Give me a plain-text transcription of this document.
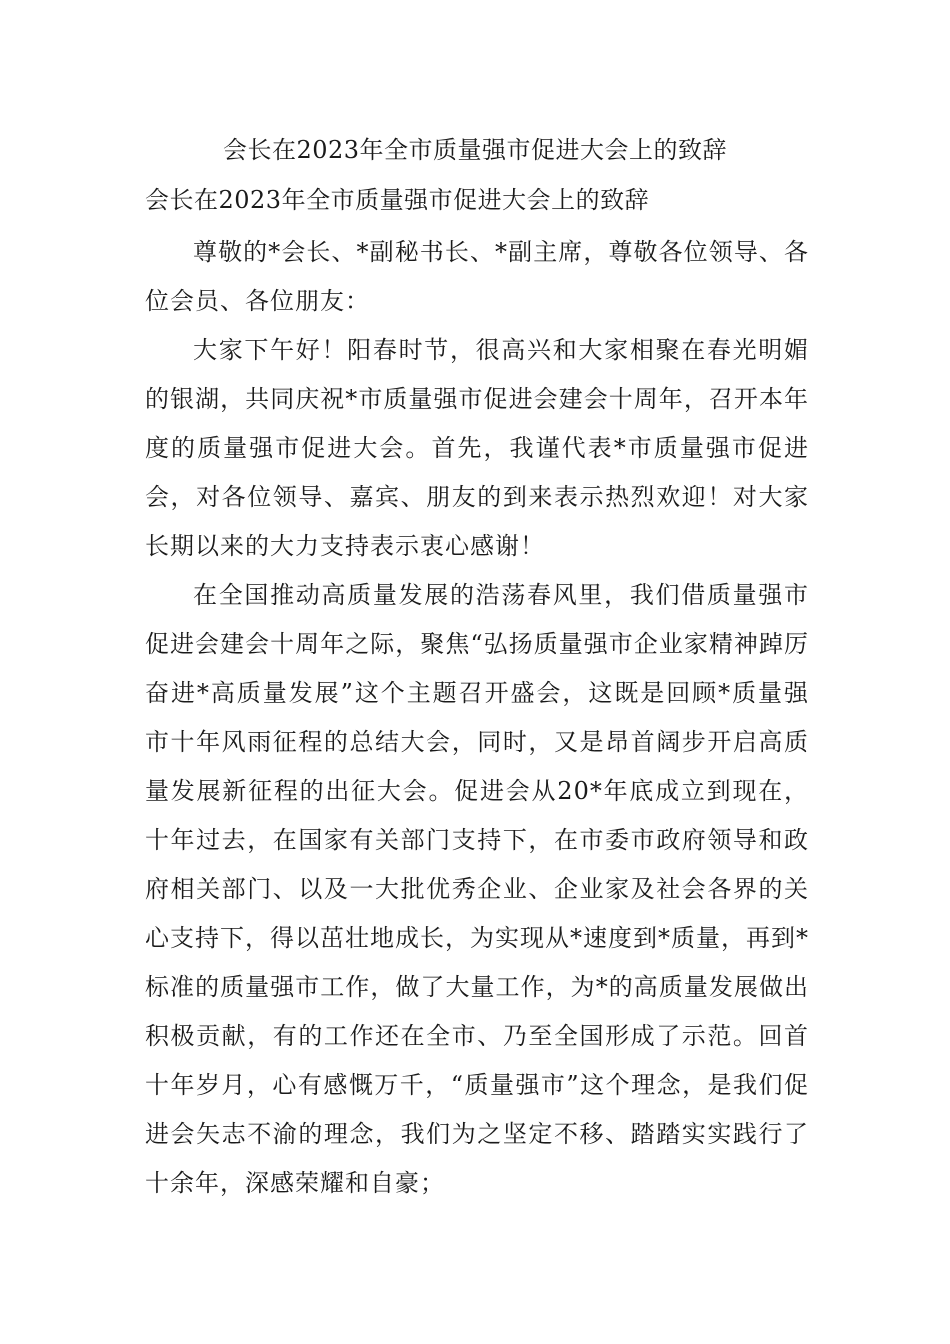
会长在2023年全市质量强市促进大会上的致辞
会长在2023年全市质量强市促进大会上的致辞

尊敬的*会长、*副秘书长、*副主席，尊敬各位领导、各位会员、各位朋友：

大家下午好！阳春时节，很高兴和大家相聚在春光明媚的银湖，共同庆祝*市质量强市促进会建会十周年，召开本年度的质量强市促进大会。首先，我谨代表*市质量强市促进会，对各位领导、嘉宾、朋友的到来表示热烈欢迎！对大家长期以来的大力支持表示衷心感谢！

在全国推动高质量发展的浩荡春风里，我们借质量强市促进会建会十周年之际，聚焦“弘扬质量强市企业家精神踔厉奋进*高质量发展”这个主题召开盛会，这既是回顾*质量强市十年风雨征程的总结大会，同时，又是昂首阔步开启高质量发展新征程的出征大会。促进会从20*年底成立到现在，十年过去，在国家有关部门支持下，在市委市政府领导和政府相关部门、以及一大批优秀企业、企业家及社会各界的关心支持下，得以茁壮地成长，为实现从*速度到*质量，再到*标准的质量强市工作，做了大量工作，为*的高质量发展做出积极贡献，有的工作还在全市、乃至全国形成了示范。回首十年岁月，心有感慨万千，“质量强市”这个理念，是我们促进会矢志不渝的理念，我们为之坚定不移、踏踏实实践行了十余年，深感荣耀和自豪；
